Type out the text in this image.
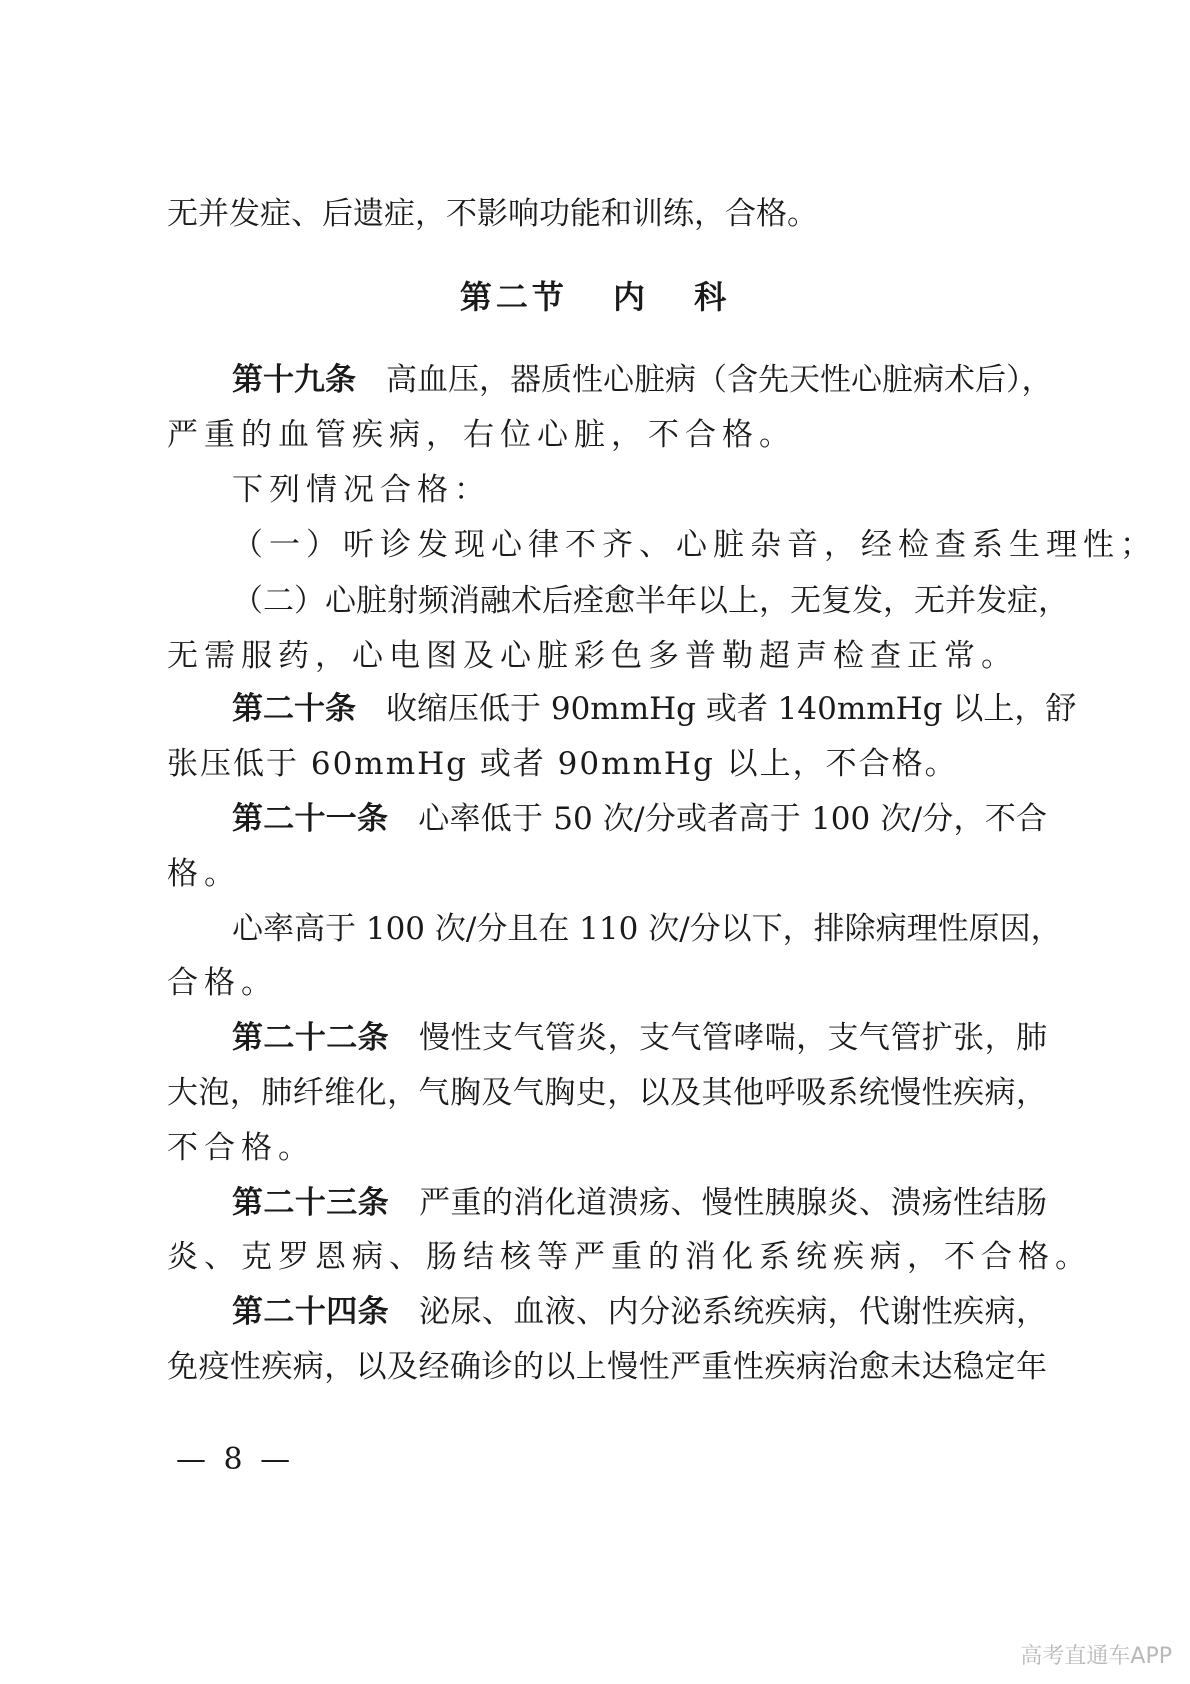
无并发症、后遗症，不影响功能和训练，合格。
第二节 内 科
第十九条 高血压，器质性心脏病（含先天性心脏病术后），
严重的血管疾病，右位心脏，不合格。
下列情况合格：
（一）听诊发现心律不齐、心脏杂音，经检查系生理性；
（二）心脏射频消融术后痊愈半年以上，无复发，无并发症，
无需服药，心电图及心脏彩色多普勒超声检查正常。
第二十条 收缩压低于 90mmHg 或者 140mmHg 以上，舒
张压低于 60mmHg 或者 90mmHg 以上，不合格。
第二十一条 心率低于 50 次/分或者高于 100 次/分，不合
格。
心率高于 100 次/分且在 110 次/分以下，排除病理性原因，
合格。
第二十二条 慢性支气管炎，支气管哮喘，支气管扩张，肺
大泡，肺纤维化，气胸及气胸史，以及其他呼吸系统慢性疾病，
不合格。
第二十三条 严重的消化道溃疡、慢性胰腺炎、溃疡性结肠
炎、克罗恩病、肠结核等严重的消化系统疾病，不合格。
第二十四条 泌尿、血液、内分泌系统疾病，代谢性疾病，
免疫性疾病，以及经确诊的以上慢性严重性疾病治愈未达稳定年
— 8 —
高考直通车APP
